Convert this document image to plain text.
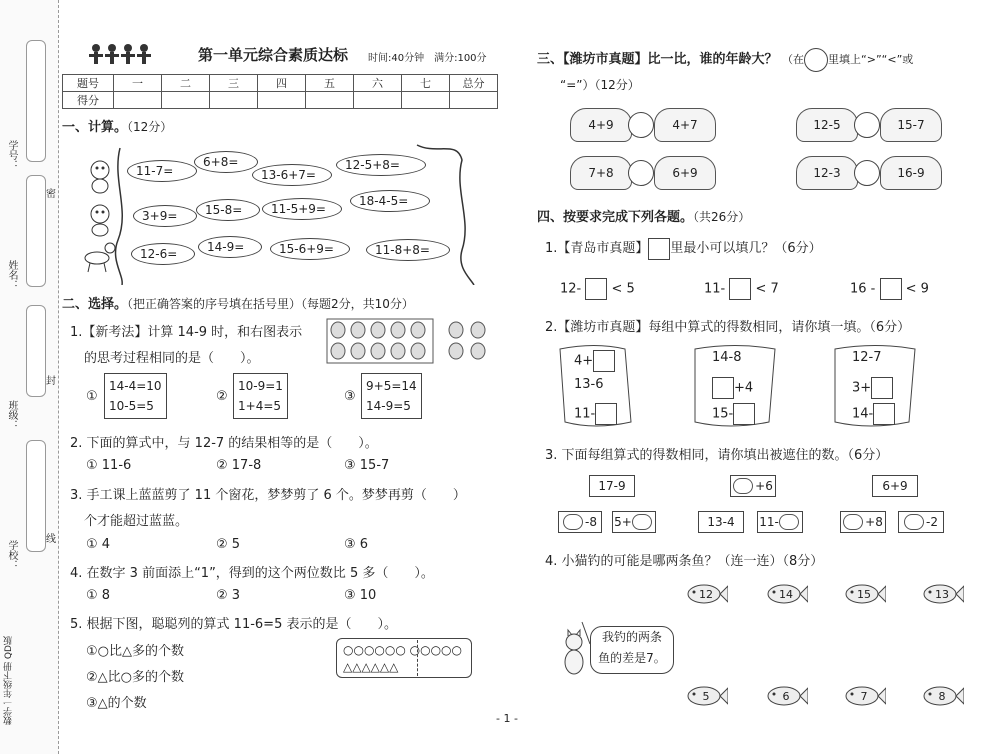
学号：
密
姓名：
封
班级：
线
学校：
数学一年级下册 QD版
第一单元综合素质达标 时间:40分钟　满分:100分
题号	一	二	三	四	五	六	七	总分
得分								
一、计算。（12分）
11-7=
6+8=
13-6+7=
12-5+8=
3+9=	15-8=	11-5+9=
18-4-5=
12-6=	14-9=	15-6+9=	11-8+8=
二、选择。（把正确答案的序号填在括号里）（每题2分，共10分）
1.【新考法】计算 14-9 时，和右图表示
的思考过程相同的是（　　）。
①
14-4=10
10-5=5
②
10-9=1
1+4=5
③
9+5=14
14-9=5
2. 下面的算式中，与 12-7 的结果相等的是（　　）。
① 11-6	② 17-8	③ 15-7
3. 手工课上蓝蓝剪了 11 个窗花，梦梦剪了 6 个。梦梦再剪（　　）
个才能超过蓝蓝。
① 4	② 5	③ 6
4. 在数字 3 前面添上“1”，得到的这个两位数比 5 多（　　）。
① 8	② 3	③ 10
5. 根据下图，聪聪列的算式 11-6=5 表示的是（　　）。
①○比△多的个数
②△比○多的个数
③△的个数
○○○○○○ ○○○○○
△△△△△△
三、【潍坊市真题】比一比，谁的年龄大？ （在 里填上“>”“<”或
“=”）（12分）
4+9	4+7	12-5	15-7
7+8	6+9	12-3	16-9
四、按要求完成下列各题。（共26分）
1.【青岛市真题】 里最小可以填几？（6分）
12- < 5	11- < 7	16 - < 9
2.【潍坊市真题】每组中算式的得数相同，请你填一填。（6分）
4+
13-6
11-
14-8
+4
15-
12-7
3+
14-
3. 下面每组算式的得数相同，请你填出被遮住的数。（6分）
17-9	+6	6+9
-8 5+	13-4	11-	+8	-2
4. 小猫钓的可能是哪两条鱼？（连一连）（8分）
12	14	15	13
我钓的两条
鱼的差是7。
5	6	7	8
- 1 -
